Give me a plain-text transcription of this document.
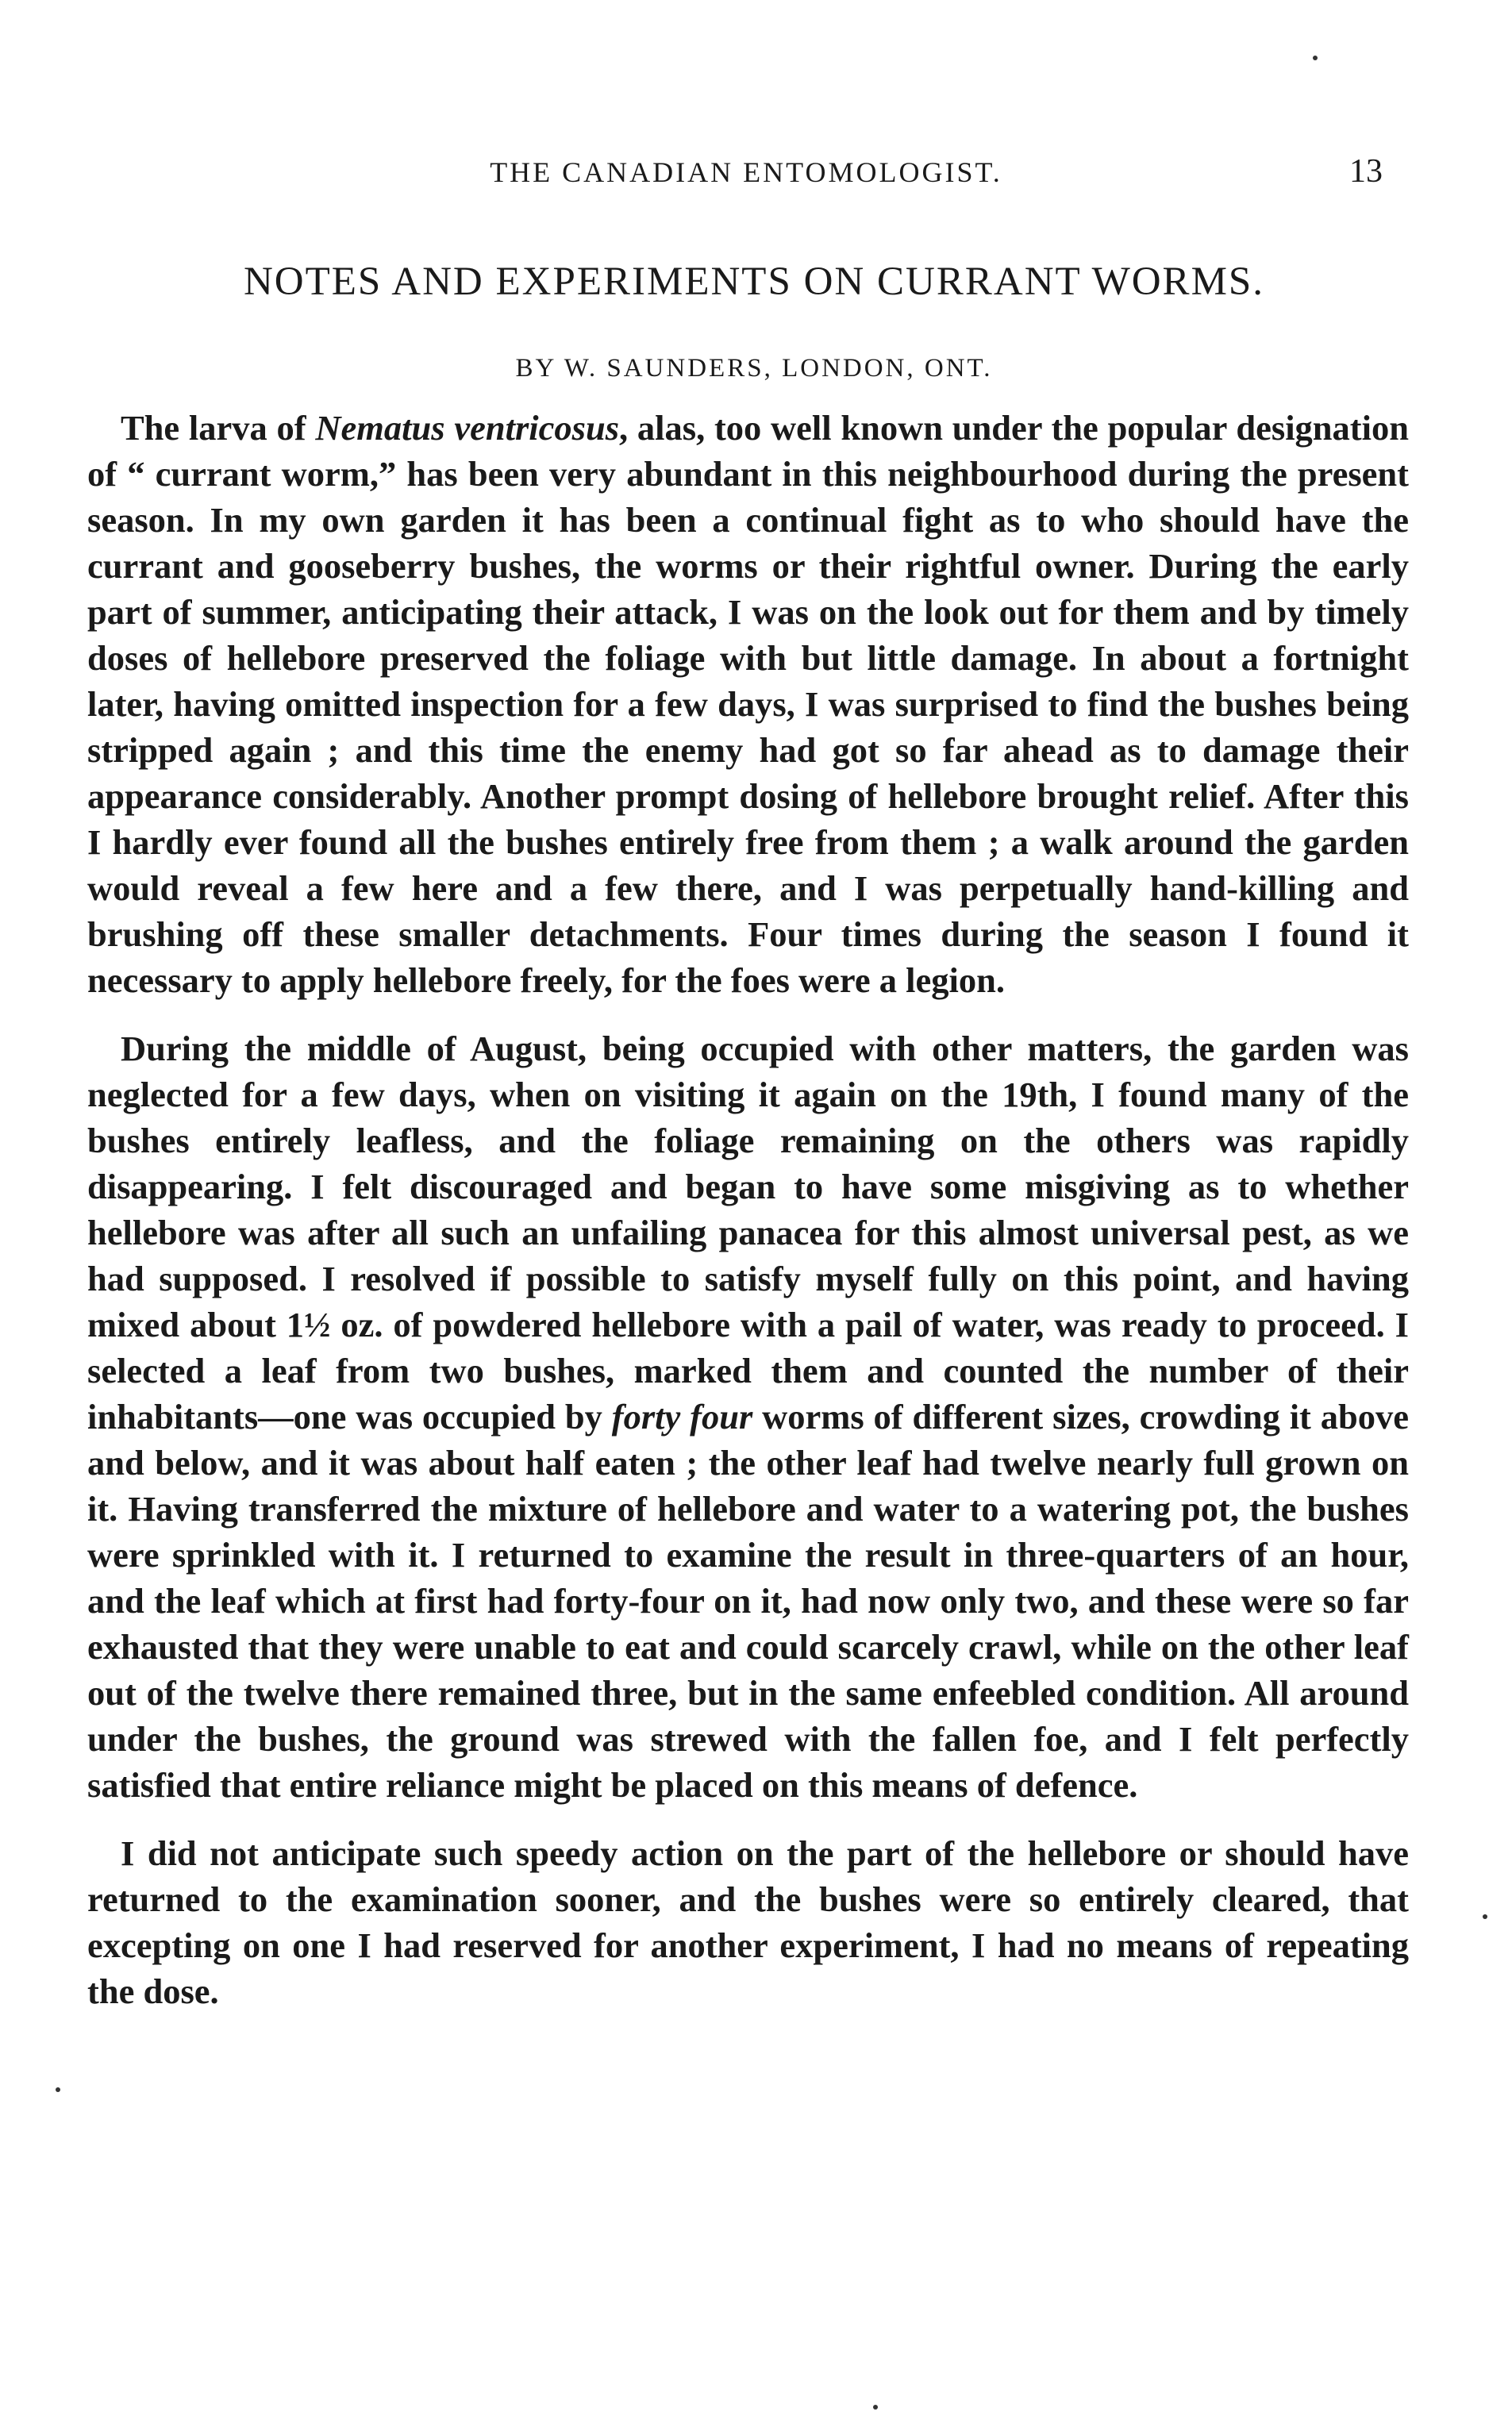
THE CANADIAN ENTOMOLOGIST.	13
NOTES AND EXPERIMENTS ON CURRANT WORMS.
BY W. SAUNDERS, LONDON, ONT.

The larva of Nematus ventricosus, alas, too well known under the popular designation of “ currant worm,” has been very abundant in this neighbourhood during the present season. In my own garden it has been a continual fight as to who should have the currant and gooseberry bushes, the worms or their rightful owner. During the early part of summer, anticipating their attack, I was on the look out for them and by timely doses of hellebore preserved the foliage with but little damage. In about a fortnight later, having omitted inspection for a few days, I was surprised to find the bushes being stripped again ; and this time the enemy had got so far ahead as to damage their appearance considerably. Another prompt dosing of hellebore brought relief. After this I hardly ever found all the bushes entirely free from them ; a walk around the garden would reveal a few here and a few there, and I was perpetually hand-killing and brushing off these smaller detachments. Four times during the season I found it necessary to apply hellebore freely, for the foes were a legion.

During the middle of August, being occupied with other matters, the garden was neglected for a few days, when on visiting it again on the 19th, I found many of the bushes entirely leafless, and the foliage remaining on the others was rapidly disappearing. I felt discouraged and began to have some misgiving as to whether hellebore was after all such an unfailing panacea for this almost universal pest, as we had supposed. I resolved if possible to satisfy myself fully on this point, and having mixed about 1½ oz. of powdered hellebore with a pail of water, was ready to proceed. I selected a leaf from two bushes, marked them and counted the number of their inhabitants—one was occupied by forty four worms of different sizes, crowding it above and below, and it was about half eaten ; the other leaf had twelve nearly full grown on it. Having transferred the mixture of hellebore and water to a watering pot, the bushes were sprinkled with it. I returned to examine the result in three-quarters of an hour, and the leaf which at first had forty-four on it, had now only two, and these were so far exhausted that they were unable to eat and could scarcely crawl, while on the other leaf out of the twelve there remained three, but in the same enfeebled condition. All around under the bushes, the ground was strewed with the fallen foe, and I felt perfectly satisfied that entire reliance might be placed on this means of defence.

I did not anticipate such speedy action on the part of the hellebore or should have returned to the examination sooner, and the bushes were so entirely cleared, that excepting on one I had reserved for another experiment, I had no means of repeating the dose.
